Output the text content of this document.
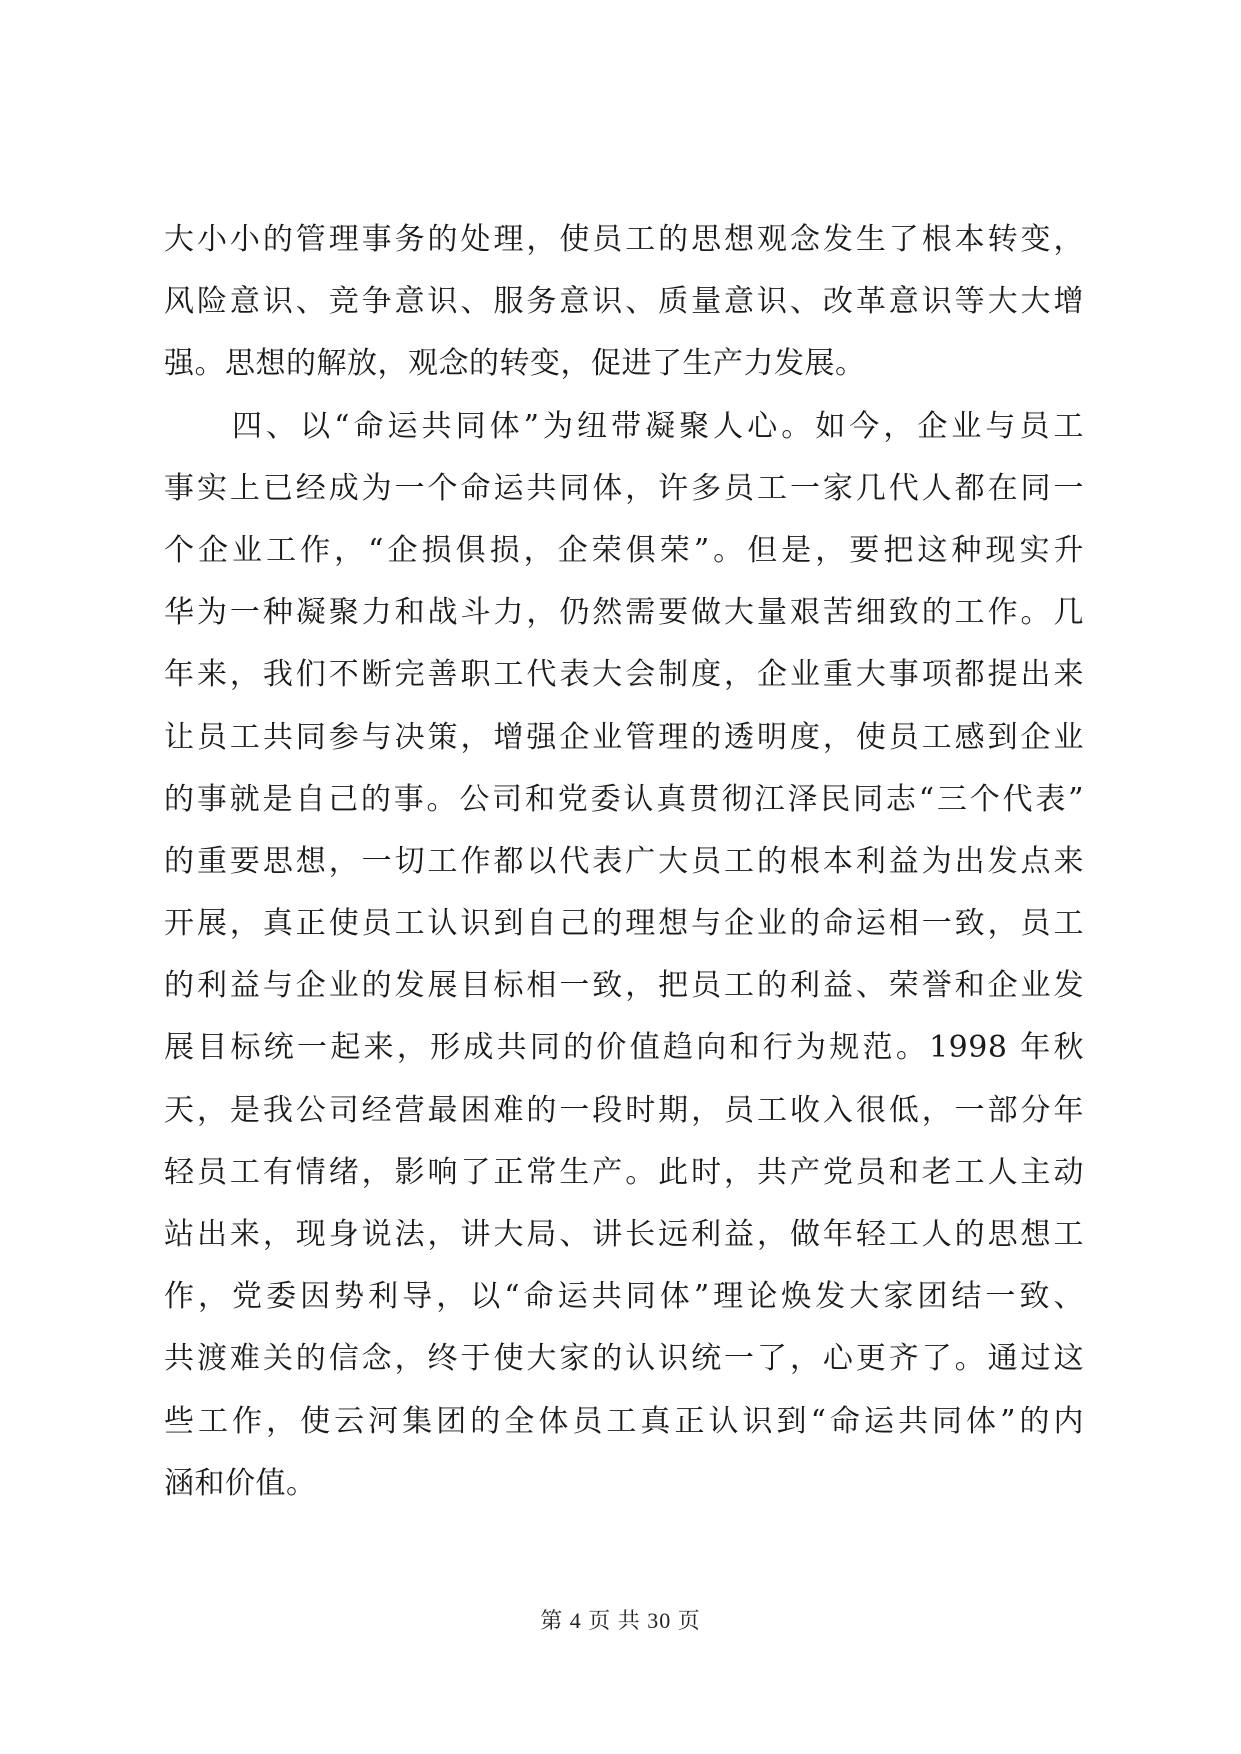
大小小的管理事务的处理，使员工的思想观念发生了根本转变，
风险意识、竞争意识、服务意识、质量意识、改革意识等大大增
强。思想的解放，观念的转变，促进了生产力发展。
四、以“命运共同体”为纽带凝聚人心。如今，企业与员工
事实上已经成为一个命运共同体，许多员工一家几代人都在同一
个企业工作，“企损俱损，企荣俱荣”。但是，要把这种现实升
华为一种凝聚力和战斗力，仍然需要做大量艰苦细致的工作。几
年来，我们不断完善职工代表大会制度，企业重大事项都提出来
让员工共同参与决策，增强企业管理的透明度，使员工感到企业
的事就是自己的事。公司和党委认真贯彻江泽民同志“三个代表”
的重要思想，一切工作都以代表广大员工的根本利益为出发点来
开展，真正使员工认识到自己的理想与企业的命运相一致，员工
的利益与企业的发展目标相一致，把员工的利益、荣誉和企业发
展目标统一起来，形成共同的价值趋向和行为规范。1998 年秋
天，是我公司经营最困难的一段时期，员工收入很低，一部分年
轻员工有情绪，影响了正常生产。此时，共产党员和老工人主动
站出来，现身说法，讲大局、讲长远利益，做年轻工人的思想工
作，党委因势利导，以“命运共同体”理论焕发大家团结一致、
共渡难关的信念，终于使大家的认识统一了，心更齐了。通过这
些工作，使云河集团的全体员工真正认识到“命运共同体”的内
涵和价值。
第 4 页 共 30 页
